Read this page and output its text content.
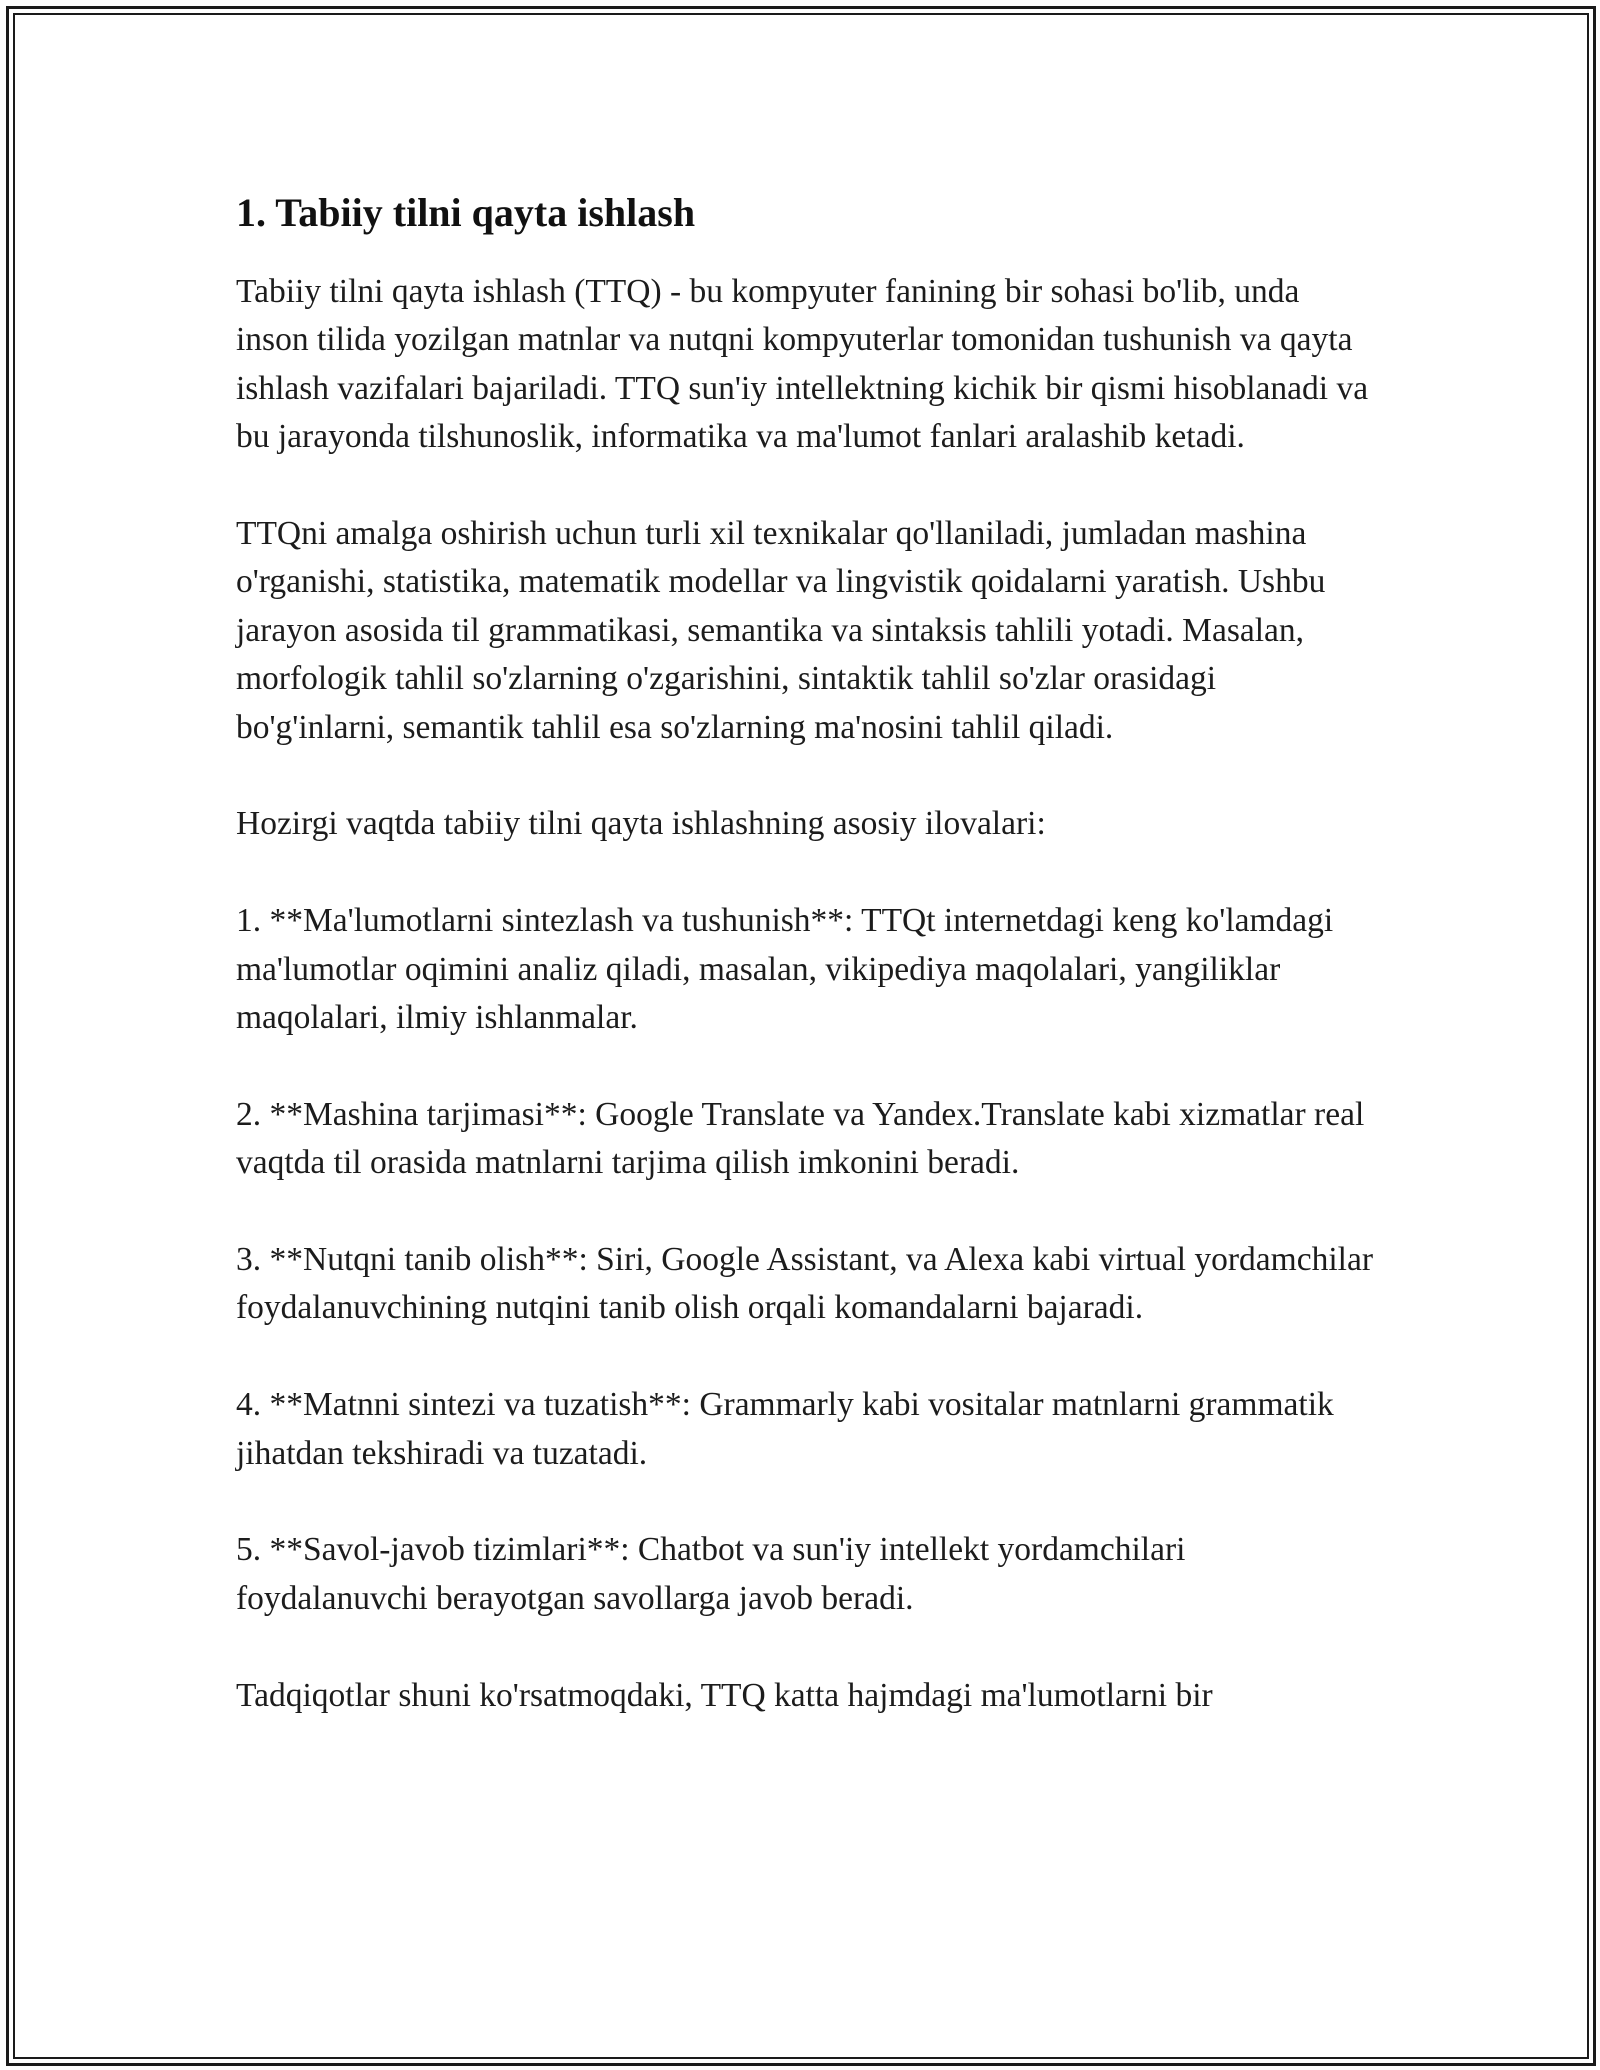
1. Tabiiy tilni qayta ishlash

Tabiiy tilni qayta ishlash (TTQ) - bu kompyuter fanining bir sohasi bo'lib, unda inson tilida yozilgan matnlar va nutqni kompyuterlar tomonidan tushunish va qayta ishlash vazifalari bajariladi. TTQ sun'iy intellektning kichik bir qismi hisoblanadi va bu jarayonda tilshunoslik, informatika va ma'lumot fanlari aralashib ketadi.

TTQni amalga oshirish uchun turli xil texnikalar qo'llaniladi, jumladan mashina o'rganishi, statistika, matematik modellar va lingvistik qoidalarni yaratish. Ushbu jarayon asosida til grammatikasi, semantika va sintaksis tahlili yotadi. Masalan, morfologik tahlil so'zlarning o'zgarishini, sintaktik tahlil so'zlar orasidagi bo'g'inlarni, semantik tahlil esa so'zlarning ma'nosini tahlil qiladi.

Hozirgi vaqtda tabiiy tilni qayta ishlashning asosiy ilovalari:

1. **Ma'lumotlarni sintezlash va tushunish**: TTQt internetdagi keng ko'lamdagi ma'lumotlar oqimini analiz qiladi, masalan, vikipediya maqolalari, yangiliklar maqolalari, ilmiy ishlanmalar.

2. **Mashina tarjimasi**: Google Translate va Yandex.Translate kabi xizmatlar real vaqtda til orasida matnlarni tarjima qilish imkonini beradi.

3. **Nutqni tanib olish**: Siri, Google Assistant, va Alexa kabi virtual yordamchilar foydalanuvchining nutqini tanib olish orqali komandalarni bajaradi.

4. **Matnni sintezi va tuzatish**: Grammarly kabi vositalar matnlarni grammatik jihatdan tekshiradi va tuzatadi.

5. **Savol-javob tizimlari**: Chatbot va sun'iy intellekt yordamchilari foydalanuvchi berayotgan savollarga javob beradi.

Tadqiqotlar shuni ko'rsatmoqdaki, TTQ katta hajmdagi ma'lumotlarni bir
